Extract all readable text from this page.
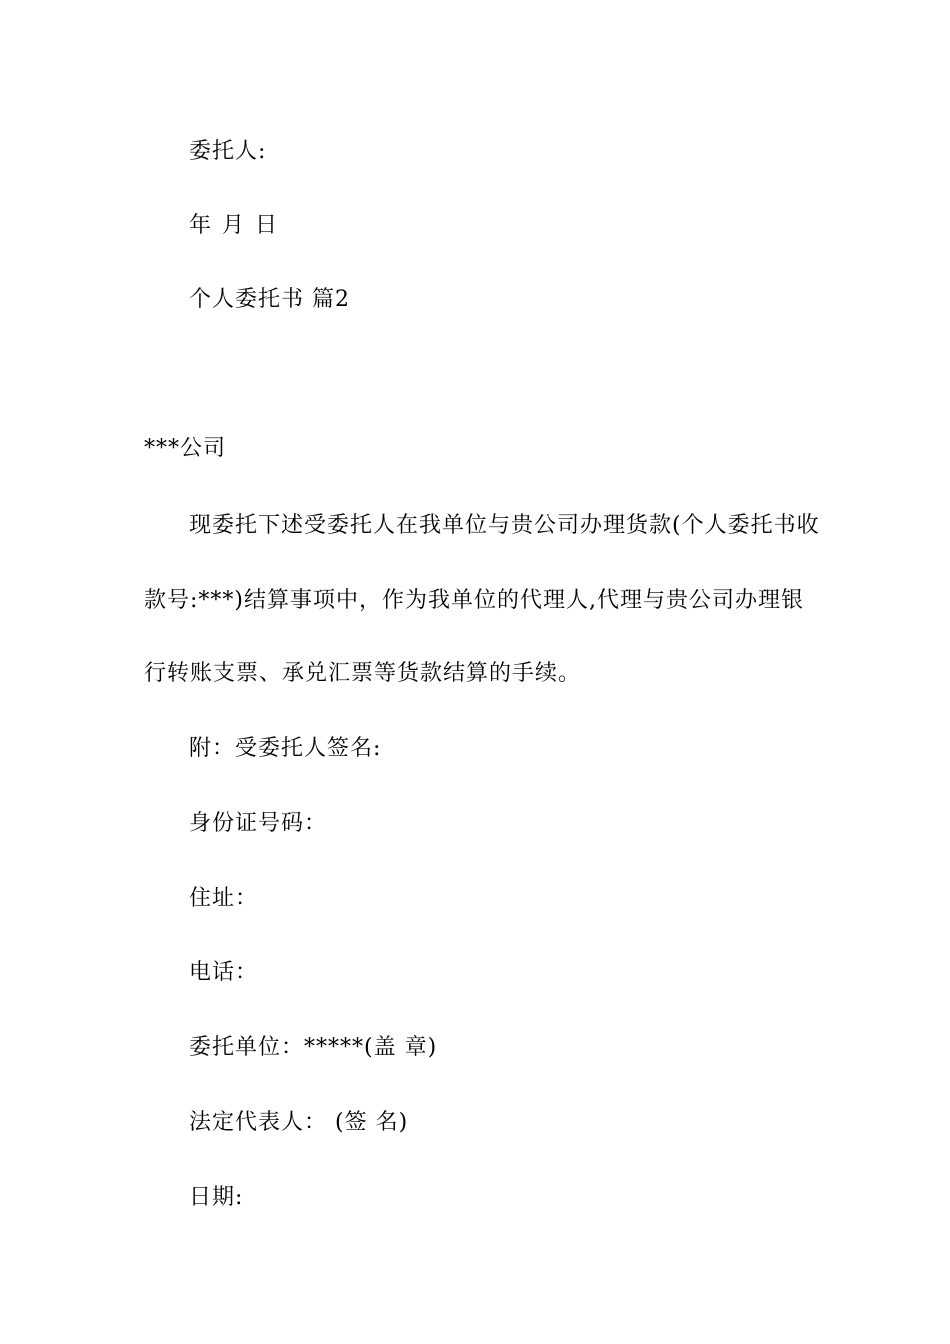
委托人:
年 月 日
个人委托书 篇2
***公司
现委托下述受委托人在我单位与贵公司办理货款(个人委托书收
款号:***)结算事项中，作为我单位的代理人,代理与贵公司办理银
行转账支票、承兑汇票等货款结算的手续。
附：受委托人签名:
身份证号码：
住址：
电话：
委托单位：*****(盖 章)
法定代表人： (签 名)
日期:
